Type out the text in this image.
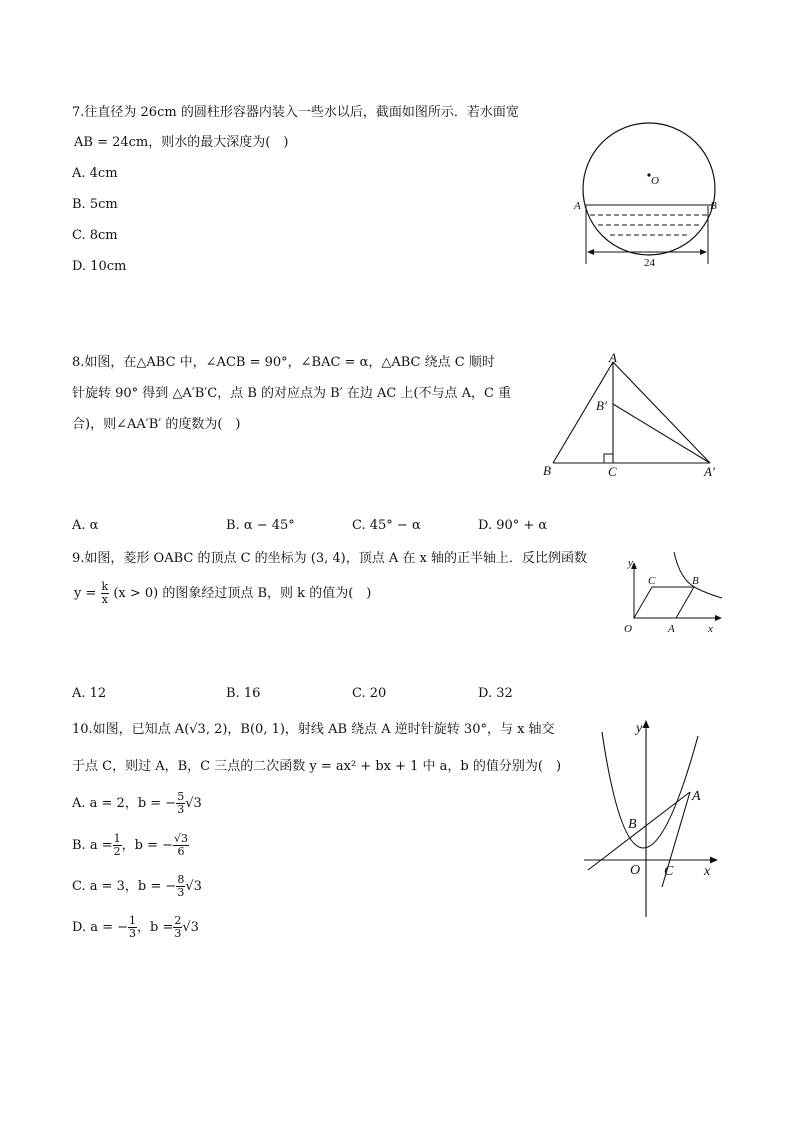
7.往直径为 26cm 的圆柱形容器内装入一些水以后，截面如图所示．若水面宽
AB = 24cm，则水的最大深度为(　)
A. 4cm
B. 5cm
C. 8cm
D. 10cm
O
A	B
24
8.如图，在△ABC 中，∠ACB = 90°，∠BAC = α，△ABC 绕点 C 顺时
针旋转 90° 得到 △A′B′C，点 B 的对应点为 B′ 在边 AC 上(不与点 A，C 重
合)，则∠AA′B′ 的度数为(　)
A
B′
B	C	A′
A. α	B. α − 45°	C. 45° − α	D. 90° + α
9.如图，菱形 OABC 的顶点 C 的坐标为 (3, 4)，顶点 A 在 x 轴的正半轴上．反比例函数
$y = \frac{k}{x} (x > 0)$ 的图象经过顶点 B，则 k 的值为(　)
y
C	B
O	A	x
A. 12	B. 16	C. 20	D. 32
10.如图，已知点 A(√3, 2)，B(0, 1)，射线 AB 绕点 A 逆时针旋转 30°，与 x 轴交
于点 C，则过 A，B，C 三点的二次函数 y = ax² + bx + 1 中 a，b 的值分别为(　)
A. a = 2，b = − $\frac{5}{3} √3$
B. $a = \frac{1}{2}$ ，b = − $\frac{√3}{6}$
C. a = 3，b = − $\frac{8}{3} √3$
D. a = − $\frac{1}{3}$ ，$b = \frac{2}{3} √3$
y
A
B
O C x
